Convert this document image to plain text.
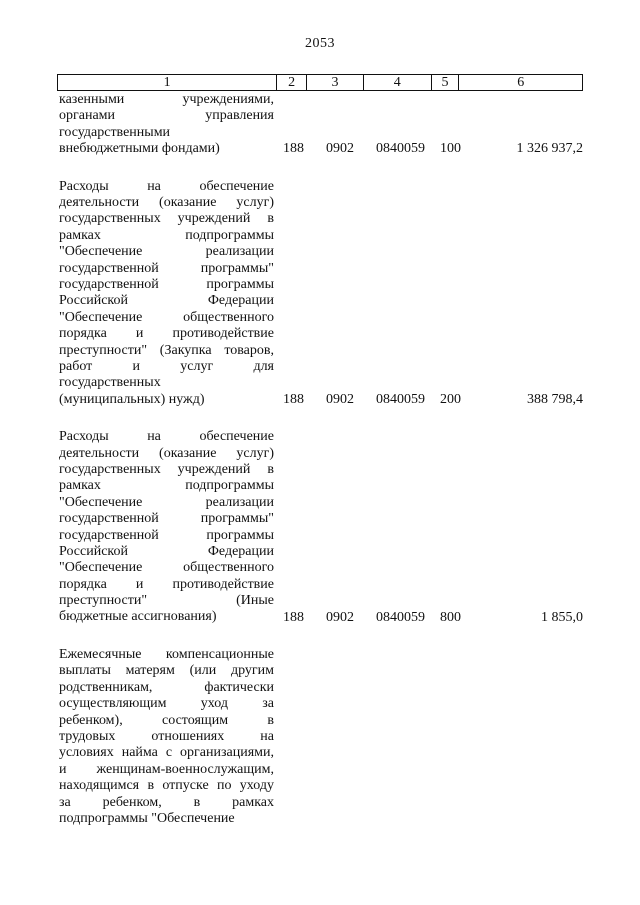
2053
1	2	3	4	5	6
казенными учреждениями,
органами управления
государственными
внебюджетными фондами)	188 0902 0840059 100	1 326 937,2
Расходы на обеспечение
деятельности (оказание услуг)
государственных учреждений в
рамках подпрограммы
"Обеспечение реализации
государственной программы"
государственной программы
Российской Федерации
"Обеспечение общественного
порядка и противодействие
преступности" (Закупка товаров,
работ и услуг для
государственных
(муниципальных) нужд)	188 0902 0840059 200	388 798,4
Расходы на обеспечение
деятельности (оказание услуг)
государственных учреждений в
рамках подпрограммы
"Обеспечение реализации
государственной программы"
государственной программы
Российской Федерации
"Обеспечение общественного
порядка и противодействие
преступности" (Иные
бюджетные ассигнования)	188 0902 0840059 800	1 855,0
Ежемесячные компенсационные
выплаты матерям (или другим
родственникам, фактически
осуществляющим уход за
ребенком), состоящим в
трудовых отношениях на
условиях найма с организациями,
и женщинам-военнослужащим,
находящимся в отпуске по уходу
за ребенком, в рамках
подпрограммы "Обеспечение
